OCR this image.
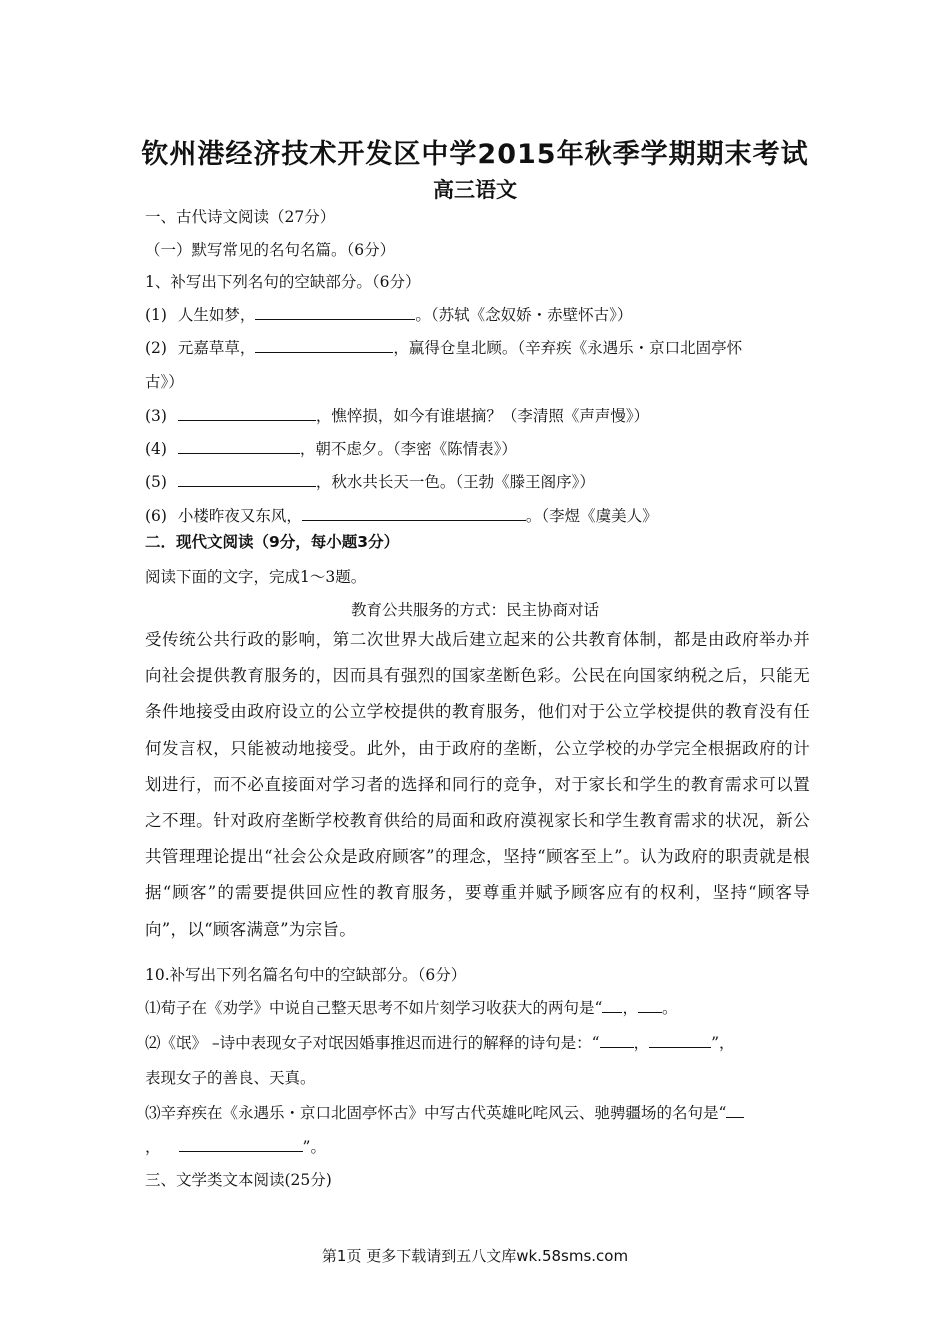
钦州港经济技术开发区中学2015年秋季学期期末考试
高三语文
一、古代诗文阅读（27分）
（一）默写常见的名句名篇。（6分）
1、补写出下列名句的空缺部分。（6分）
(1) 人生如梦，	。（苏轼《念奴娇・赤壁怀古》）
(2) 元嘉草草，	，赢得仓皇北顾。（辛弃疾《永遇乐・京口北固亭怀
古》）
(3)	，憔悴损，如今有谁堪摘？（李清照《声声慢》）
(4)	，朝不虑夕。（李密《陈情表》）
(5)	，秋水共长天一色。（王勃《滕王阁序》）
(6) 小楼昨夜又东风，	。（李煜《虞美人》
二．现代文阅读（9分，每小题3分）
阅读下面的文字，完成1～3题。
教育公共服务的方式：民主协商对话
受传统公共行政的影响，第二次世界大战后建立起来的公共教育体制，都是由政府举办并向社会提供教育服务的，因而具有强烈的国家垄断色彩。公民在向国家纳税之后，只能无条件地接受由政府设立的公立学校提供的教育服务，他们对于公立学校提供的教育没有任何发言权，只能被动地接受。此外，由于政府的垄断，公立学校的办学完全根据政府的计划进行，而不必直接面对学习者的选择和同行的竞争，对于家长和学生的教育需求可以置之不理。针对政府垄断学校教育供给的局面和政府漠视家长和学生教育需求的状况，新公共管理理论提出“社会公众是政府顾客”的理念，坚持“顾客至上”。认为政府的职责就是根据“顾客”的需要提供回应性的教育服务，要尊重并赋予顾客应有的权利，坚持“顾客导向”，以“顾客满意”为宗旨。
10.补写出下列名篇名句中的空缺部分。（6分）
⑴荀子在《劝学》中说自己整天思考不如片刻学习收获大的两句是“ ， 。
⑵《氓》 –诗中表现女子对氓因婚事推迟而进行的解释的诗句是：“ ，	”，
表现女子的善良、天真。
⑶辛弃疾在《永遇乐・京口北固亭怀古》中写古代英雄叱咤风云、驰骋疆场的名句是“
，	”。
三、文学类文本阅读(25分)
第1页 更多下载请到五八文库wk.58sms.com
